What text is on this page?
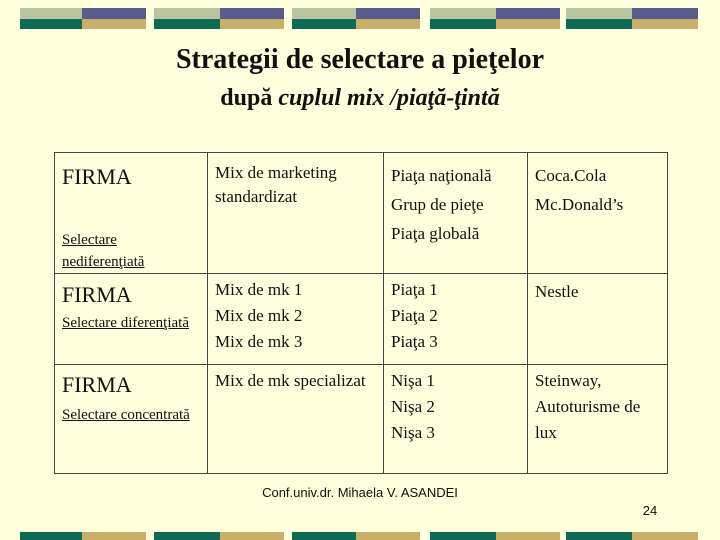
Strategii de selectare a pieţelor
după cuplul mix /piaţă-ţintă
FIRMA
Selectare nediferenţiată
Mix de marketing standardizat
Piaţa naţională
Grup de pieţe
Piaţa globală
Coca.Cola
Mc.Donald’s
FIRMA
Selectare diferenţiată
Mix de mk 1
Mix de mk 2
Mix de mk 3
Piaţa 1
Piaţa 2
Piaţa 3
Nestle
FIRMA
Selectare concentrată
Mix de mk specializat Nişa 1
Nişa 2
Nişa 3
Steinway, Autoturisme de lux
Conf.univ.dr. Mihaela V. ASANDEI
24
